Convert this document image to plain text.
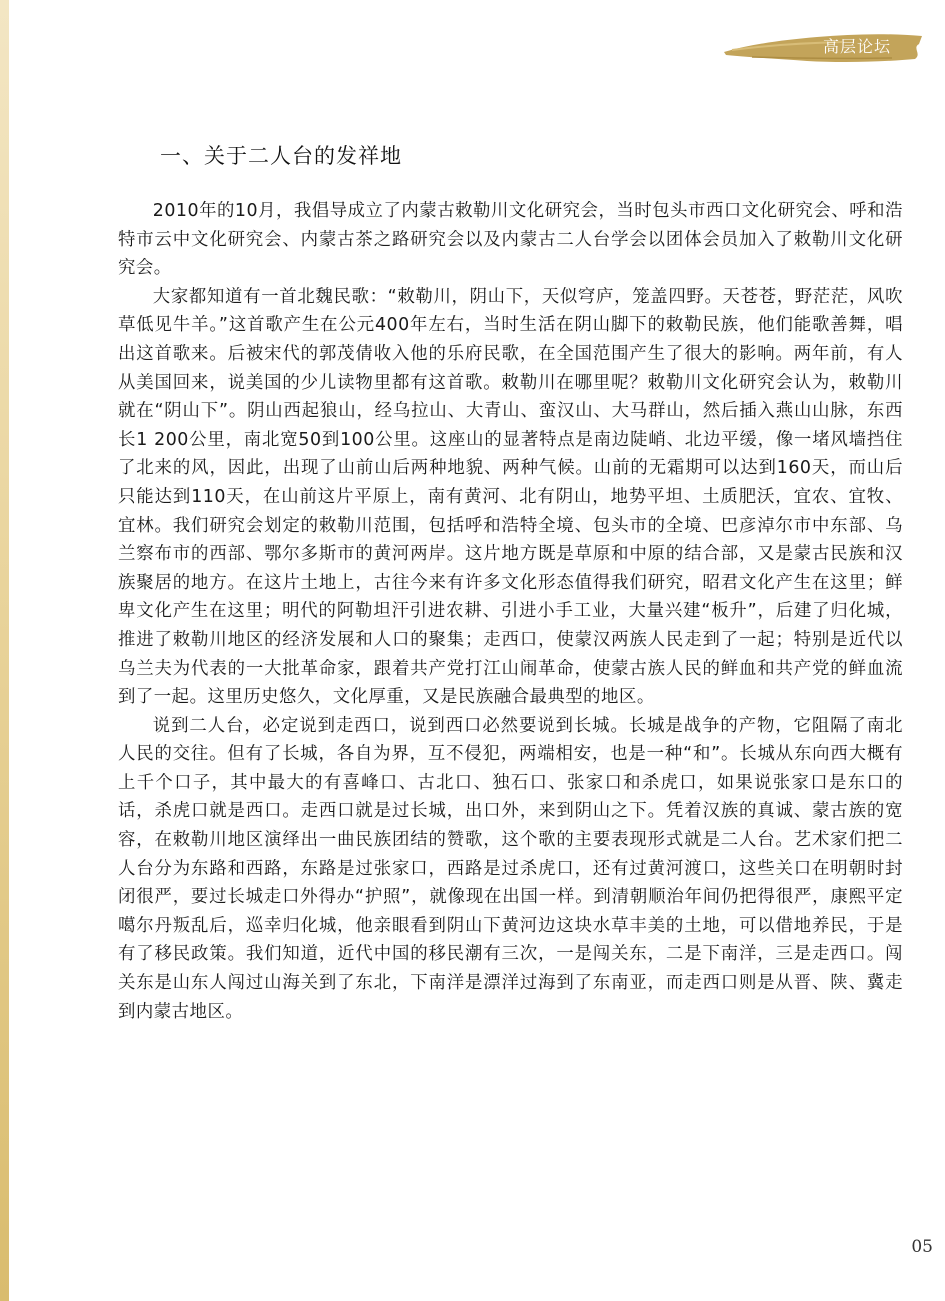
高层论坛
一、关于二人台的发祥地

2010年的10月，我倡导成立了内蒙古敕勒川文化研究会，当时包头市西口文化研究会、呼和浩特市云中文化研究会、内蒙古茶之路研究会以及内蒙古二人台学会以团体会员加入了敕勒川文化研究会。

大家都知道有一首北魏民歌：“敕勒川，阴山下，天似穹庐，笼盖四野。天苍苍，野茫茫，风吹草低见牛羊。”这首歌产生在公元400年左右，当时生活在阴山脚下的敕勒民族，他们能歌善舞，唱出这首歌来。后被宋代的郭茂倩收入他的乐府民歌，在全国范围产生了很大的影响。两年前，有人从美国回来，说美国的少儿读物里都有这首歌。敕勒川在哪里呢？敕勒川文化研究会认为，敕勒川就在“阴山下”。阴山西起狼山，经乌拉山、大青山、蛮汉山、大马群山，然后插入燕山山脉，东西长1 200公里，南北宽50到100公里。这座山的显著特点是南边陡峭、北边平缓，像一堵风墙挡住了北来的风，因此，出现了山前山后两种地貌、两种气候。山前的无霜期可以达到160天，而山后只能达到110天，在山前这片平原上，南有黄河、北有阴山，地势平坦、土质肥沃，宜农、宜牧、宜林。我们研究会划定的敕勒川范围，包括呼和浩特全境、包头市的全境、巴彦淖尔市中东部、乌兰察布市的西部、鄂尔多斯市的黄河两岸。这片地方既是草原和中原的结合部，又是蒙古民族和汉族聚居的地方。在这片土地上，古往今来有许多文化形态值得我们研究，昭君文化产生在这里；鲜卑文化产生在这里；明代的阿勒坦汗引进农耕、引进小手工业，大量兴建“板升”，后建了归化城，推进了敕勒川地区的经济发展和人口的聚集；走西口，使蒙汉两族人民走到了一起；特别是近代以乌兰夫为代表的一大批革命家，跟着共产党打江山闹革命，使蒙古族人民的鲜血和共产党的鲜血流到了一起。这里历史悠久，文化厚重，又是民族融合最典型的地区。

说到二人台，必定说到走西口，说到西口必然要说到长城。长城是战争的产物，它阻隔了南北人民的交往。但有了长城，各自为界，互不侵犯，两端相安，也是一种“和”。长城从东向西大概有上千个口子，其中最大的有喜峰口、古北口、独石口、张家口和杀虎口，如果说张家口是东口的话，杀虎口就是西口。走西口就是过长城，出口外，来到阴山之下。凭着汉族的真诚、蒙古族的宽容，在敕勒川地区演绎出一曲民族团结的赞歌，这个歌的主要表现形式就是二人台。艺术家们把二人台分为东路和西路，东路是过张家口，西路是过杀虎口，还有过黄河渡口，这些关口在明朝时封闭很严，要过长城走口外得办“护照”，就像现在出国一样。到清朝顺治年间仍把得很严，康熙平定噶尔丹叛乱后，巡幸归化城，他亲眼看到阴山下黄河边这块水草丰美的土地，可以借地养民，于是有了移民政策。我们知道，近代中国的移民潮有三次，一是闯关东，二是下南洋，三是走西口。闯关东是山东人闯过山海关到了东北，下南洋是漂洋过海到了东南亚，而走西口则是从晋、陕、冀走到内蒙古地区。

05
